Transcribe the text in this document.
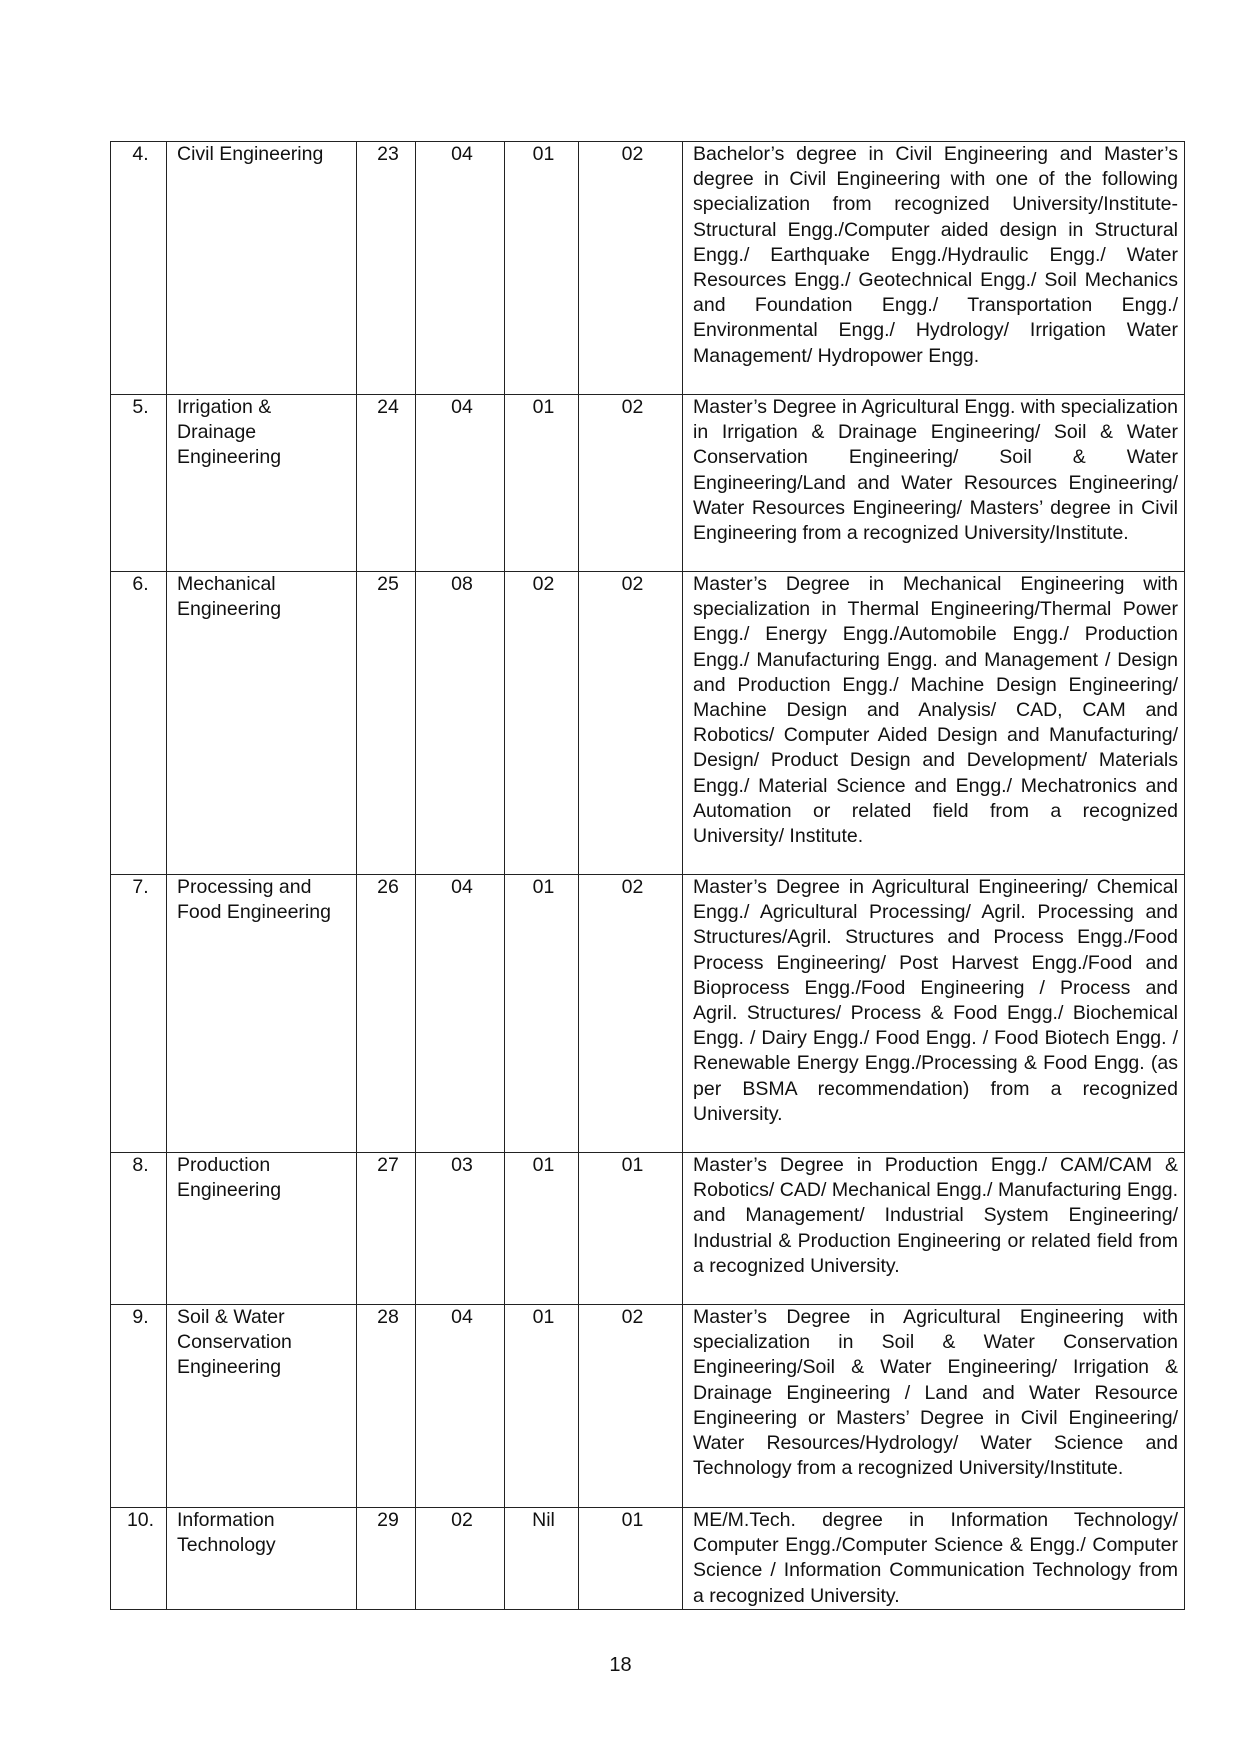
4.	Civil Engineering	23	04	01	02	Bachelor’s degree in Civil Engineering and Master’s degree in Civil Engineering with one of the following specialization from recognized University/Institute- Structural Engg./Computer aided design in Structural Engg./ Earthquake Engg./Hydraulic Engg./ Water Resources Engg./ Geotechnical Engg./ Soil Mechanics and Foundation Engg./ Transportation Engg./ Environmental Engg./ Hydrology/ Irrigation Water Management/ Hydropower Engg.
5.	Irrigation & Drainage Engineering	24	04	01	02	Master’s Degree in Agricultural Engg. with specialization in Irrigation & Drainage Engineering/ Soil & Water Conservation Engineering/ Soil & Water Engineering/Land and Water Resources Engineering/ Water Resources Engineering/ Masters’ degree in Civil Engineering from a recognized University/Institute.
6.	Mechanical Engineering	25	08	02	02	Master’s Degree in Mechanical Engineering with specialization in Thermal Engineering/Thermal Power Engg./ Energy Engg./Automobile Engg./ Production Engg./ Manufacturing Engg. and Management / Design and Production Engg./ Machine Design Engineering/ Machine Design and Analysis/ CAD, CAM and Robotics/ Computer Aided Design and Manufacturing/ Design/ Product Design and Development/ Materials Engg./ Material Science and Engg./ Mechatronics and Automation or related field from a recognized University/ Institute.
7.	Processing and Food Engineering	26	04	01	02	Master’s Degree in Agricultural Engineering/ Chemical Engg./ Agricultural Processing/ Agril. Processing and Structures/Agril. Structures and Process Engg./Food Process Engineering/ Post Harvest Engg./Food and Bioprocess Engg./Food Engineering / Process and Agril. Structures/ Process & Food Engg./ Biochemical Engg. / Dairy Engg./ Food Engg. / Food Biotech Engg. / Renewable Energy Engg./Processing & Food Engg. (as per BSMA recommendation) from a recognized University.
8.	Production Engineering	27	03	01	01	Master’s Degree in Production Engg./ CAM/CAM & Robotics/ CAD/ Mechanical Engg./ Manufacturing Engg. and Management/ Industrial System Engineering/ Industrial & Production Engineering or related field from a recognized University.
9.	Soil & Water Conservation Engineering	28	04	01	02	Master’s Degree in Agricultural Engineering with specialization in Soil & Water Conservation Engineering/Soil & Water Engineering/ Irrigation & Drainage Engineering / Land and Water Resource Engineering or Masters’ Degree in Civil Engineering/ Water Resources/Hydrology/ Water Science and Technology from a recognized University/Institute.
10.	Information Technology	29	02	Nil	01	ME/M.Tech. degree in Information Technology/ Computer Engg./Computer Science & Engg./ Computer Science / Information Communication Technology from a recognized University.
18
